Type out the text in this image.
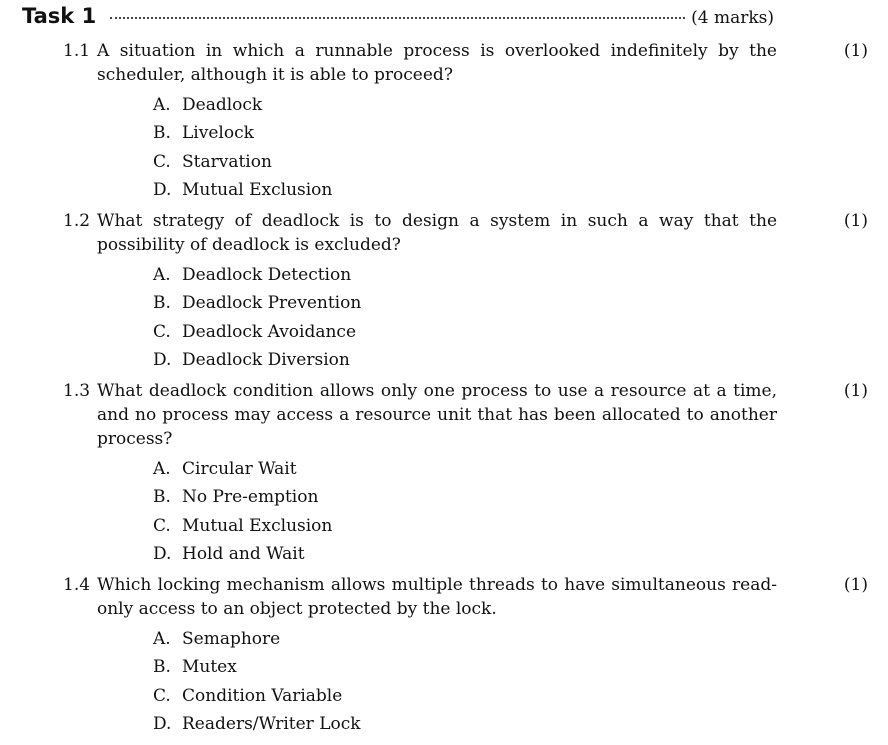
Task 1	(4 marks)
1.1 A situation in which a runnable process is overlooked indefinitely by the scheduler, although it is able to proceed?
(1)
A. Deadlock
B. Livelock
C. Starvation
D. Mutual Exclusion
1.2 What strategy of deadlock is to design a system in such a way that the possibility of deadlock is excluded?
(1)
A. Deadlock Detection
B. Deadlock Prevention
C. Deadlock Avoidance
D. Deadlock Diversion
1.3 What deadlock condition allows only one process to use a resource at a time, and no process may access a resource unit that has been allocated to another process?
(1)
A. Circular Wait
B. No Pre-emption
C. Mutual Exclusion
D. Hold and Wait
1.4 Which locking mechanism allows multiple threads to have simultaneous read-only access to an object protected by the lock.
(1)
A. Semaphore
B. Mutex
C. Condition Variable
D. Readers/Writer Lock
